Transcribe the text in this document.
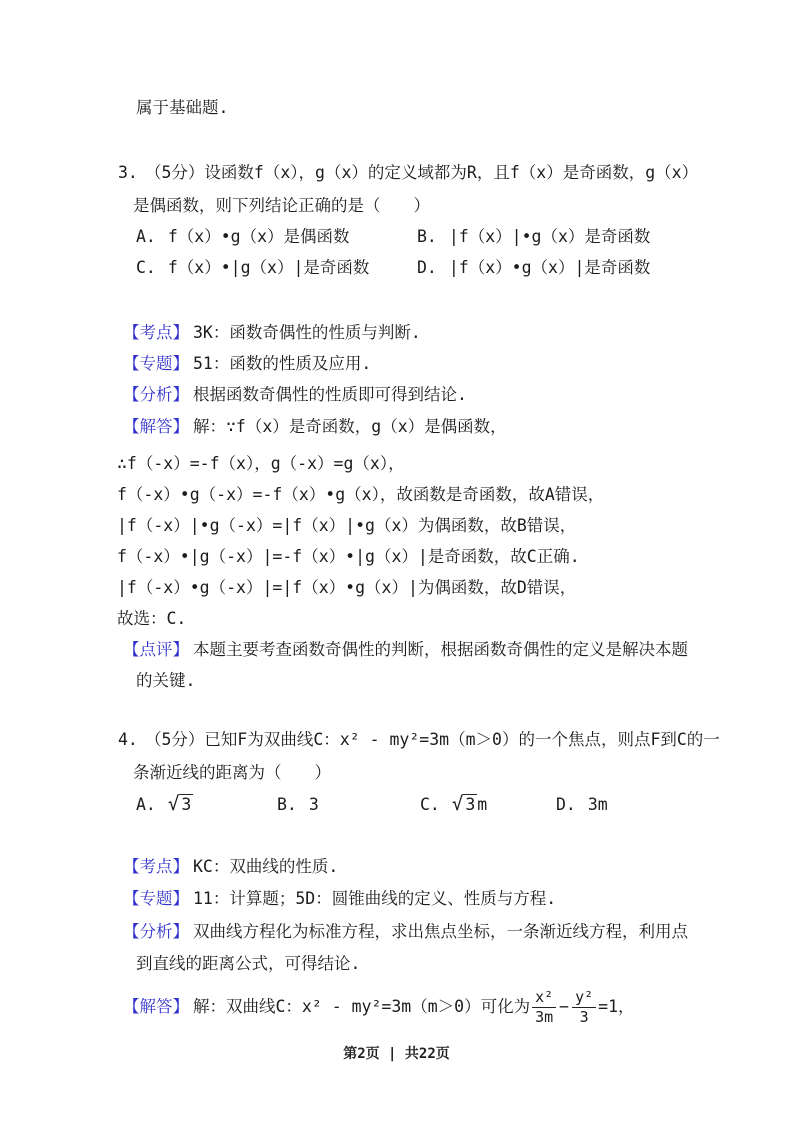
属于基础题.
3. （5分）设函数f（x），g（x）的定义域都为R，且f（x）是奇函数，g（x）
是偶函数，则下列结论正确的是（　　）
A. f（x）•g（x）是偶函数	B. |f（x）|•g（x）是奇函数
C. f（x）•|g（x）|是奇函数	D. |f（x）•g（x）|是奇函数
【考点】 3K：函数奇偶性的性质与判断.
【专题】 51：函数的性质及应用.
【分析】 根据函数奇偶性的性质即可得到结论.
【解答】 解：∵f（x）是奇函数，g（x）是偶函数，
∴f（-x）=-f（x），g（-x）=g（x），
f（-x）•g（-x）=-f（x）•g（x），故函数是奇函数，故A错误，
|f（-x）|•g（-x）=|f（x）|•g（x）为偶函数，故B错误，
f（-x）•|g（-x）|=-f（x）•|g（x）|是奇函数，故C正确.
|f（-x）•g（-x）|=|f（x）•g（x）|为偶函数，故D错误，
故选：C.
【点评】 本题主要考查函数奇偶性的判断，根据函数奇偶性的定义是解决本题
的关键.
4. （5分）已知F为双曲线C：x² - my²=3m（m＞0）的一个焦点，则点F到C的一
条渐近线的距离为（　　）
A. √ 3	B. 3	C. √ 3 m	D. 3m
【考点】 KC：双曲线的性质.
【专题】 11：计算题；5D：圆锥曲线的定义、性质与方程.
【分析】 双曲线方程化为标准方程，求出焦点坐标，一条渐近线方程，利用点
到直线的距离公式，可得结论.
【解答】 解：双曲线C：x² - my²=3m（m＞0）可化为 $\frac{\text{x²}}{3m} - \frac{\text{y²}}{3} =1$，
第2页 | 共22页
